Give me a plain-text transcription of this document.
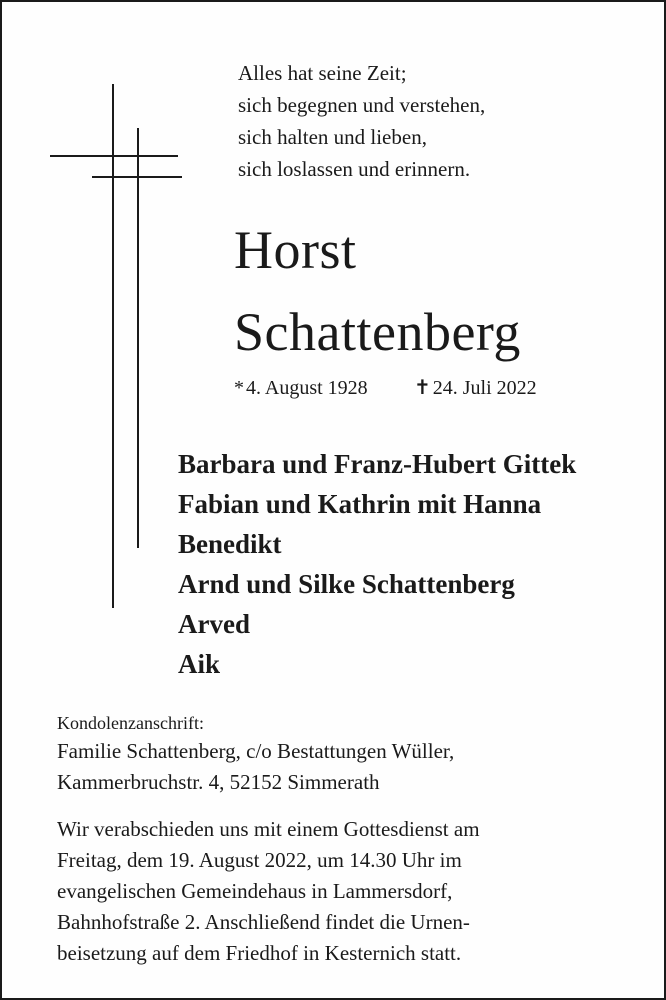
Alles hat seine Zeit;
sich begegnen und verstehen,
sich halten und lieben,
sich loslassen und erinnern.
Horst
Schattenberg
* 4. August 1928 ✝ 24. Juli 2022
Barbara und Franz-Hubert Gittek
Fabian und Kathrin mit Hanna
Benedikt
Arnd und Silke Schattenberg
Arved
Aik
Kondolenzanschrift:
Familie Schattenberg, c/o Bestattungen Wüller,
Kammerbruchstr. 4, 52152 Simmerath
Wir verabschieden uns mit einem Gottesdienst am
Freitag, dem 19. August 2022, um 14.30 Uhr im
evangelischen Gemeindehaus in Lammersdorf,
Bahnhofstraße 2. Anschließend findet die Urnen-
beisetzung auf dem Friedhof in Kesternich statt.
